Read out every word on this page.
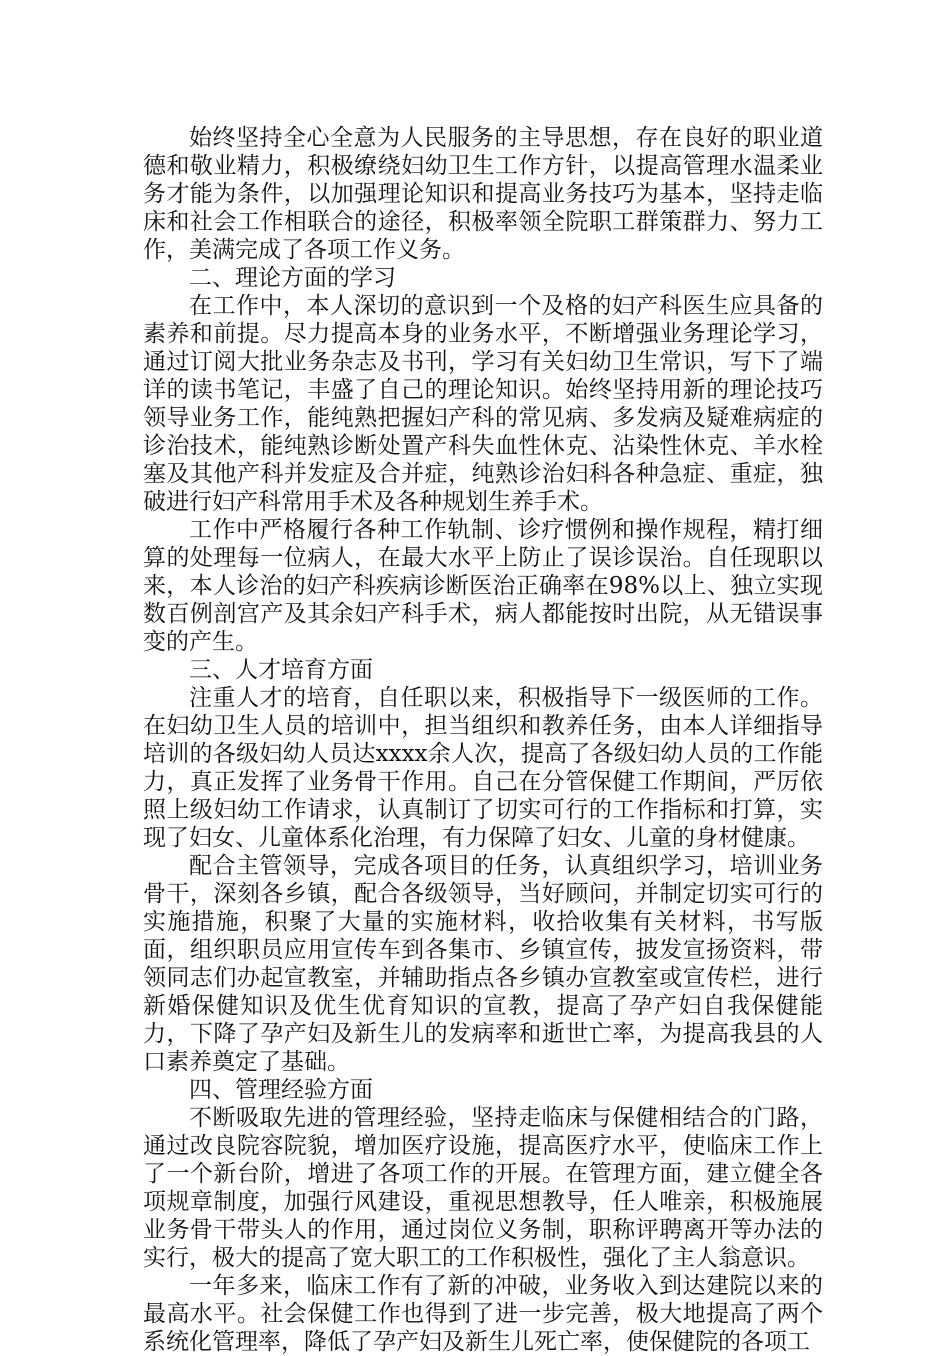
始终坚持全心全意为人民服务的主导思想，存在良好的职业道德和敬业精力，积极缭绕妇幼卫生工作方针，以提高管理水温柔业务才能为条件，以加强理论知识和提高业务技巧为基本，坚持走临床和社会工作相联合的途径，积极率领全院职工群策群力、努力工作，美满完成了各项工作义务。

二、理论方面的学习

在工作中，本人深切的意识到一个及格的妇产科医生应具备的素养和前提。尽力提高本身的业务水平，不断增强业务理论学习，通过订阅大批业务杂志及书刊，学习有关妇幼卫生常识，写下了端详的读书笔记，丰盛了自己的理论知识。始终坚持用新的理论技巧领导业务工作，能纯熟把握妇产科的常见病、多发病及疑难病症的诊治技术，能纯熟诊断处置产科失血性休克、沾染性休克、羊水栓塞及其他产科并发症及合并症，纯熟诊治妇科各种急症、重症，独破进行妇产科常用手术及各种规划生养手术。

工作中严格履行各种工作轨制、诊疗惯例和操作规程，精打细算的处理每一位病人，在最大水平上防止了误诊误治。自任现职以来，本人诊治的妇产科疾病诊断医治正确率在98%以上、独立实现数百例剖宫产及其余妇产科手术，病人都能按时出院，从无错误事变的产生。

三、人才培育方面

注重人才的培育，自任职以来，积极指导下一级医师的工作。在妇幼卫生人员的培训中，担当组织和教养任务，由本人详细指导培训的各级妇幼人员达xxxx余人次，提高了各级妇幼人员的工作能力，真正发挥了业务骨干作用。自己在分管保健工作期间，严厉依照上级妇幼工作请求，认真制订了切实可行的工作指标和打算，实现了妇女、儿童体系化治理，有力保障了妇女、儿童的身材健康。

配合主管领导，完成各项目的任务，认真组织学习，培训业务骨干，深刻各乡镇，配合各级领导，当好顾问，并制定切实可行的实施措施，积聚了大量的实施材料，收拾收集有关材料，书写版面，组织职员应用宣传车到各集市、乡镇宣传，披发宣扬资料，带领同志们办起宣教室，并辅助指点各乡镇办宣教室或宣传栏，进行新婚保健知识及优生优育知识的宣教，提高了孕产妇自我保健能力，下降了孕产妇及新生儿的发病率和逝世亡率，为提高我县的人口素养奠定了基础。

四、管理经验方面

不断吸取先进的管理经验，坚持走临床与保健相结合的门路，通过改良院容院貌，增加医疗设施，提高医疗水平，使临床工作上了一个新台阶，增进了各项工作的开展。在管理方面，建立健全各项规章制度，加强行风建设，重视思想教导，任人唯亲，积极施展业务骨干带头人的作用，通过岗位义务制，职称评聘离开等办法的实行，极大的提高了宽大职工的工作积极性，强化了主人翁意识。

一年多来，临床工作有了新的冲破，业务收入到达建院以来的最高水平。社会保健工作也得到了进一步完善，极大地提高了两个系统化管理率，降低了孕产妇及新生儿死亡率，使保健院的各项工
